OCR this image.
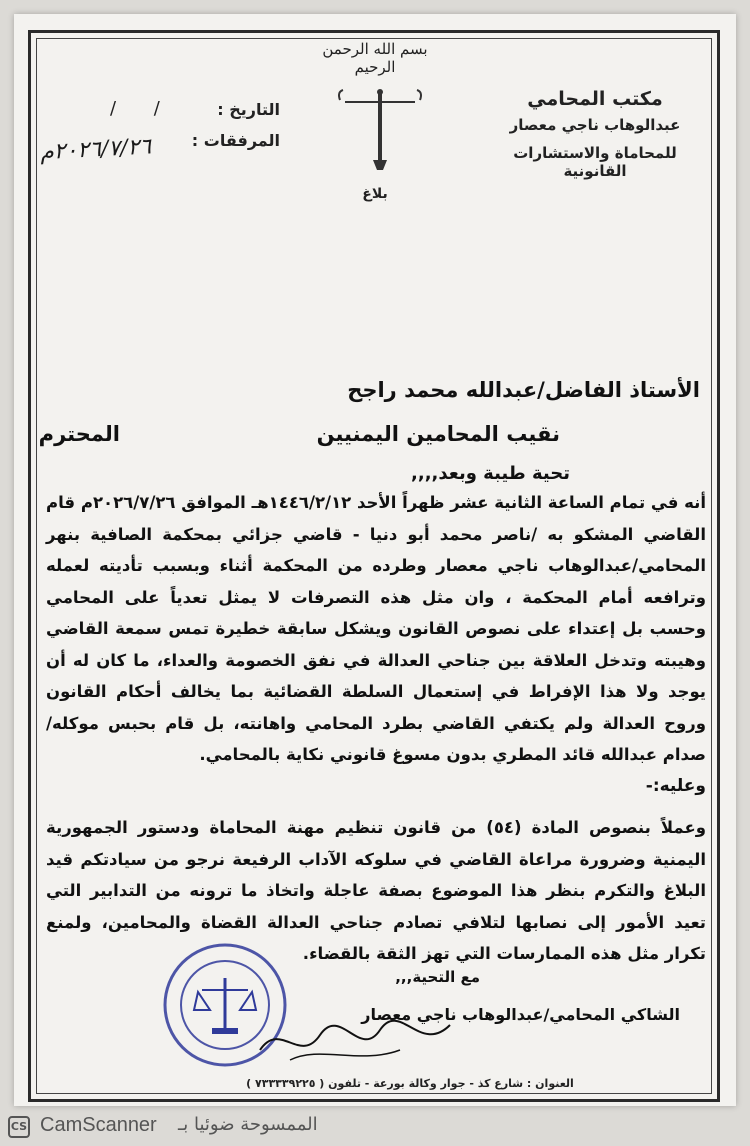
بسم الله الرحمن الرحيم
مكتب المحامي
عبدالوهاب ناجي معصار
للمحاماة والاستشارات القانونية
التاريخ :
المرفقات :
/ /
٢٠٢٦/٧/٢٦م
بلاغ
الأستاذ الفاضل/عبدالله محمد راجح
نقيب المحامين اليمنيين
المحترم
تحية طيبة وبعد,,,,

أنه في تمام الساعة الثانية عشر ظهراً الأحد ١٤٤٦/٢/١٢هـ الموافق ٢٠٢٦/٧/٢٦م قام القاضي المشكو به /ناصر محمد أبو دنيا - قاضي جزائي بمحكمة الصافية بنهر المحامي/عبدالوهاب ناجي معصار وطرده من المحكمة أثناء وبسبب تأديته لعمله وترافعه أمام المحكمة ، وان مثل هذه التصرفات لا يمثل تعدياً على المحامي وحسب بل إعتداء على نصوص القانون ويشكل سابقة خطيرة تمس سمعة القاضي وهيبته وتدخل العلاقة بين جناحي العدالة في نفق الخصومة والعداء، ما كان له أن يوجد ولا هذا الإفراط في إستعمال السلطة القضائية بما يخالف أحكام القانون وروح العدالة ولم يكتفي القاضي بطرد المحامي واهانته، بل قام بحبس موكله/صدام عبدالله قائد المطري بدون مسوغ قانوني نكاية بالمحامي.

وعليه:-

وعملاً بنصوص المادة (٥٤) من قانون تنظيم مهنة المحاماة ودستور الجمهورية اليمنية وضرورة مراعاة القاضي في سلوكه الآداب الرفيعة نرجو من سيادتكم قيد البلاغ والتكرم بنظر هذا الموضوع بصفة عاجلة واتخاذ ما ترونه من التدابير التي تعيد الأمور إلى نصابها لتلافي تصادم جناحي العدالة القضاة والمحامين، ولمنع تكرار مثل هذه الممارسات التي تهز الثقة بالقضاء.
مع التحية,,,
الشاكي المحامي/عبدالوهاب ناجي معصار
العنوان : شارع كذ - جوار وكالة بورعة - تلفون ( ٧٣٣٣٣٩٢٢٥ )
CS CamScanner الممسوحة ضوئيا بـ
